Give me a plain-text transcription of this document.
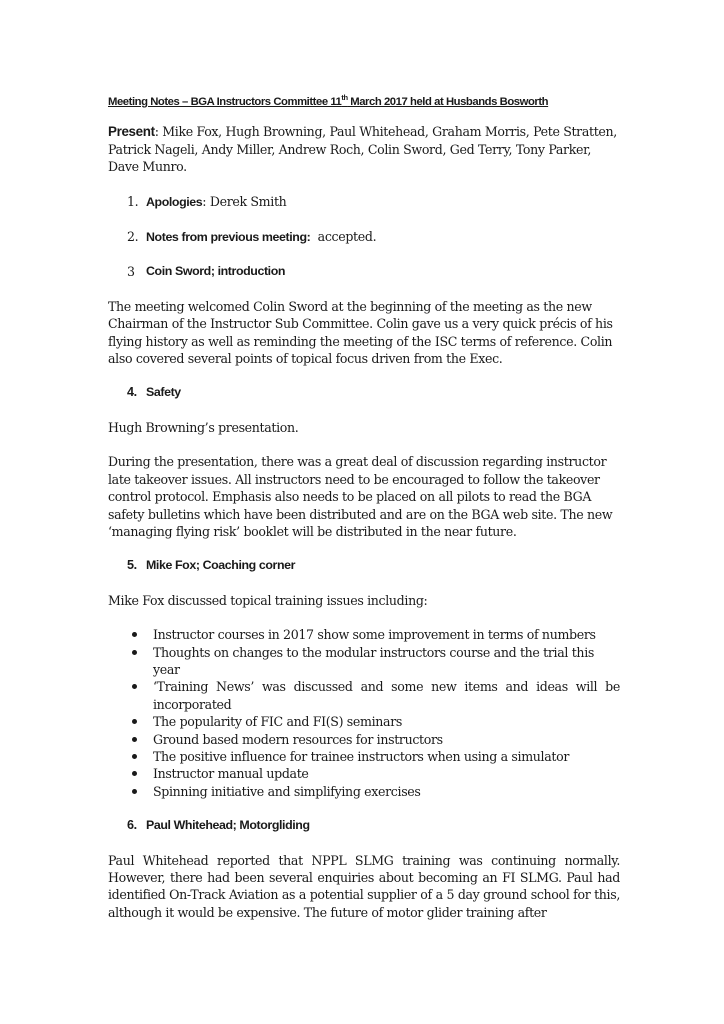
Meeting Notes – BGA Instructors Committee 11th March 2017 held at Husbands Bosworth

Present: Mike Fox, Hugh Browning, Paul Whitehead, Graham Morris, Pete Stratten, Patrick Nageli, Andy Miller, Andrew Roch, Colin Sword, Ged Terry, Tony Parker, Dave Munro.

1. Apologies: Derek Smith
2. Notes from previous meeting:  accepted.
3 Coin Sword; introduction

The meeting welcomed Colin Sword at the beginning of the meeting as the new Chairman of the Instructor Sub Committee. Colin gave us a very quick précis of his flying history as well as reminding the meeting of the ISC terms of reference. Colin also covered several points of topical focus driven from the Exec.

4. Safety

Hugh Browning’s presentation.

During the presentation, there was a great deal of discussion regarding instructor late takeover issues. All instructors need to be encouraged to follow the takeover control protocol. Emphasis also needs to be placed on all pilots to read the BGA safety bulletins which have been distributed and are on the BGA web site. The new ‘managing flying risk’ booklet will be distributed in the near future.

5. Mike Fox; Coaching corner

Mike Fox discussed topical training issues including:

Instructor courses in 2017 show some improvement in terms of numbers
Thoughts on changes to the modular instructors course and the trial this year
‘Training News’ was discussed and some new items and ideas will be incorporated
The popularity of FIC and FI(S) seminars
Ground based modern resources for instructors
The positive influence for trainee instructors when using a simulator
Instructor manual update
Spinning initiative and simplifying exercises
6. Paul Whitehead; Motorgliding

Paul Whitehead reported that NPPL SLMG training was continuing normally. However, there had been several enquiries about becoming an FI SLMG. Paul had identified On-Track Aviation as a potential supplier of a 5 day ground school for this, although it would be expensive. The future of motor glider training after
